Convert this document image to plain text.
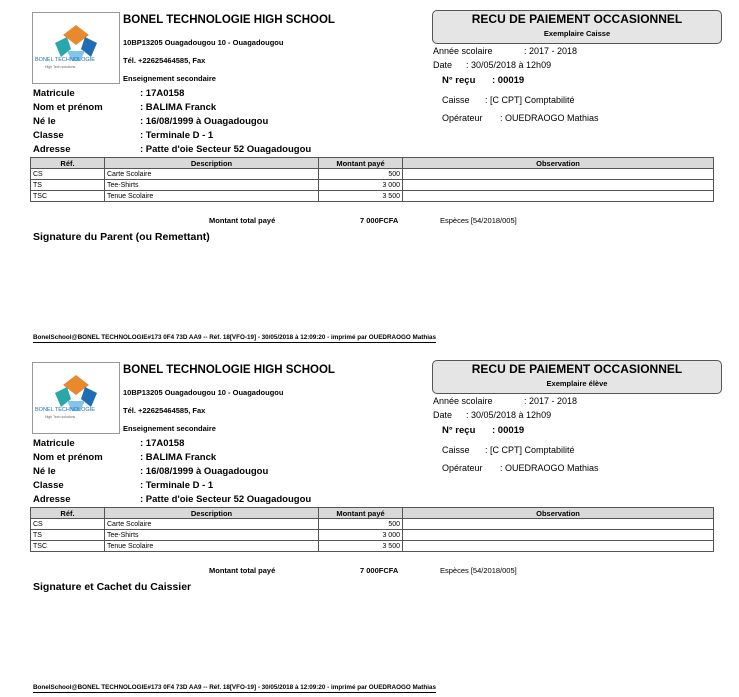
BONEL TECHNOLOGIE
High Tech solutions
BONEL TECHNOLOGIE HIGH SCHOOL
10BP13205 Ouagadougou 10 - Ouagadougou
Tél. +22625464585, Fax
Enseignement secondaire
RECU DE PAIEMENT OCCASIONNEL
Exemplaire Caisse
Année scolaire	: 2017 - 2018
Date : 30/05/2018 à 12h09
N° reçu : 00019
Caisse : [C CPT] Comptabilité
Opérateur : OUEDRAOGO Mathias
Matricule	: 17A0158
Nom et prénom	: BALIMA Franck
Né le	: 16/08/1999 à Ouagadougou
Classe	: Terminale D - 1
Adresse	: Patte d'oie Secteur 52 Ouagadougou
Réf.	Description	Montant payé	Observation
CS	Carte Scolaire	500	
TS	Tee-Shirts	3 000	
TSC	Tenue Scolaire	3 500	
Montant total payé	7 000FCFA	Espèces [54/2018/005]
Signature du Parent (ou Remettant)
BonelSchool@BONEL TECHNOLOGIE#173 0F4 73D AA9 -- Réf. 18[VFO-19] - 30/05/2018 à 12:09:20 - imprimé par OUEDRAOGO Mathias
BONEL TECHNOLOGIE
High Tech solutions
BONEL TECHNOLOGIE HIGH SCHOOL
10BP13205 Ouagadougou 10 - Ouagadougou
Tél. +22625464585, Fax
Enseignement secondaire
RECU DE PAIEMENT OCCASIONNEL
Exemplaire élève
Année scolaire	: 2017 - 2018
Date : 30/05/2018 à 12h09
N° reçu : 00019
Caisse : [C CPT] Comptabilité
Opérateur : OUEDRAOGO Mathias
Matricule	: 17A0158
Nom et prénom	: BALIMA Franck
Né le	: 16/08/1999 à Ouagadougou
Classe	: Terminale D - 1
Adresse	: Patte d'oie Secteur 52 Ouagadougou
Réf.	Description	Montant payé	Observation
CS	Carte Scolaire	500	
TS	Tee-Shirts	3 000	
TSC	Tenue Scolaire	3 500	
Montant total payé	7 000FCFA	Espèces [54/2018/005]
Signature et Cachet du Caissier
BonelSchool@BONEL TECHNOLOGIE#173 0F4 73D AA9 -- Réf. 18[VFO-19] - 30/05/2018 à 12:09:20 - imprimé par OUEDRAOGO Mathias
